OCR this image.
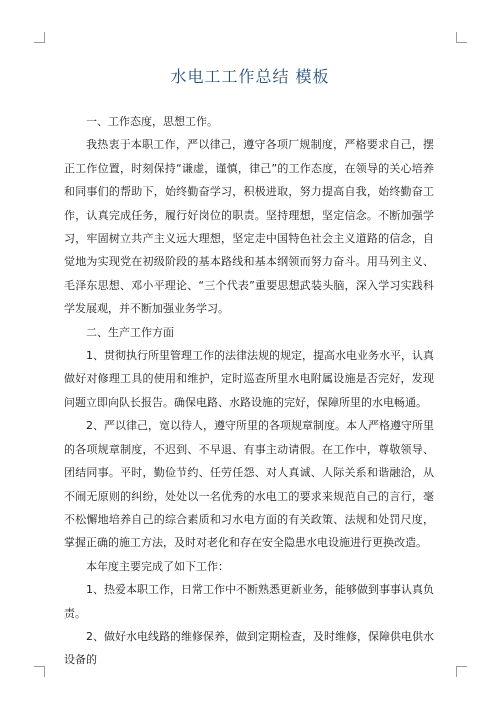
水电工工作总结 模板

一、工作态度，思想工作。

我热衷于本职工作，严以律己，遵守各项厂规制度，严格要求自己，摆正工作位置，时刻保持“谦虚，谨慎，律己”的工作态度，在领导的关心培养和同事们的帮助下，始终勤奋学习，积极进取，努力提高自我，始终勤奋工作，认真完成任务，履行好岗位的职责。坚持理想，坚定信念。不断加强学习，牢固树立共产主义远大理想，坚定走中国特色社会主义道路的信念，自觉地为实现党在初级阶段的基本路线和基本纲领而努力奋斗。用马列主义、毛泽东思想、邓小平理论、“三个代表”重要思想武装头脑，深入学习实践科学发展观，并不断加强业务学习。

二、生产工作方面

1、贯彻执行所里管理工作的法律法规的规定，提高水电业务水平，认真做好对修理工具的使用和维护，定时巡查所里水电附属设施是否完好，发现问题立即向队长报告。确保电路、水路设施的完好，保障所里的水电畅通。

2、严以律己，宽以待人，遵守所里的各项规章制度。本人严格遵守所里的各项规章制度，不迟到、不早退、有事主动请假。在工作中，尊敬领导、团结同事。平时，勤俭节约、任劳任怨、对人真诚、人际关系和谐融洽，从不闹无原则的纠纷，处处以一名优秀的水电工的要求来规范自己的言行，毫不松懈地培养自己的综合素质和习水电方面的有关政策、法规和处罚尺度，掌握正确的施工方法，及时对老化和存在安全隐患水电设施进行更换改造。

本年度主要完成了如下工作：

1、热爱本职工作，日常工作中不断熟悉更新业务，能够做到事事认真负责。

2、做好水电线路的维修保养，做到定期检查，及时维修，保障供电供水设备的
